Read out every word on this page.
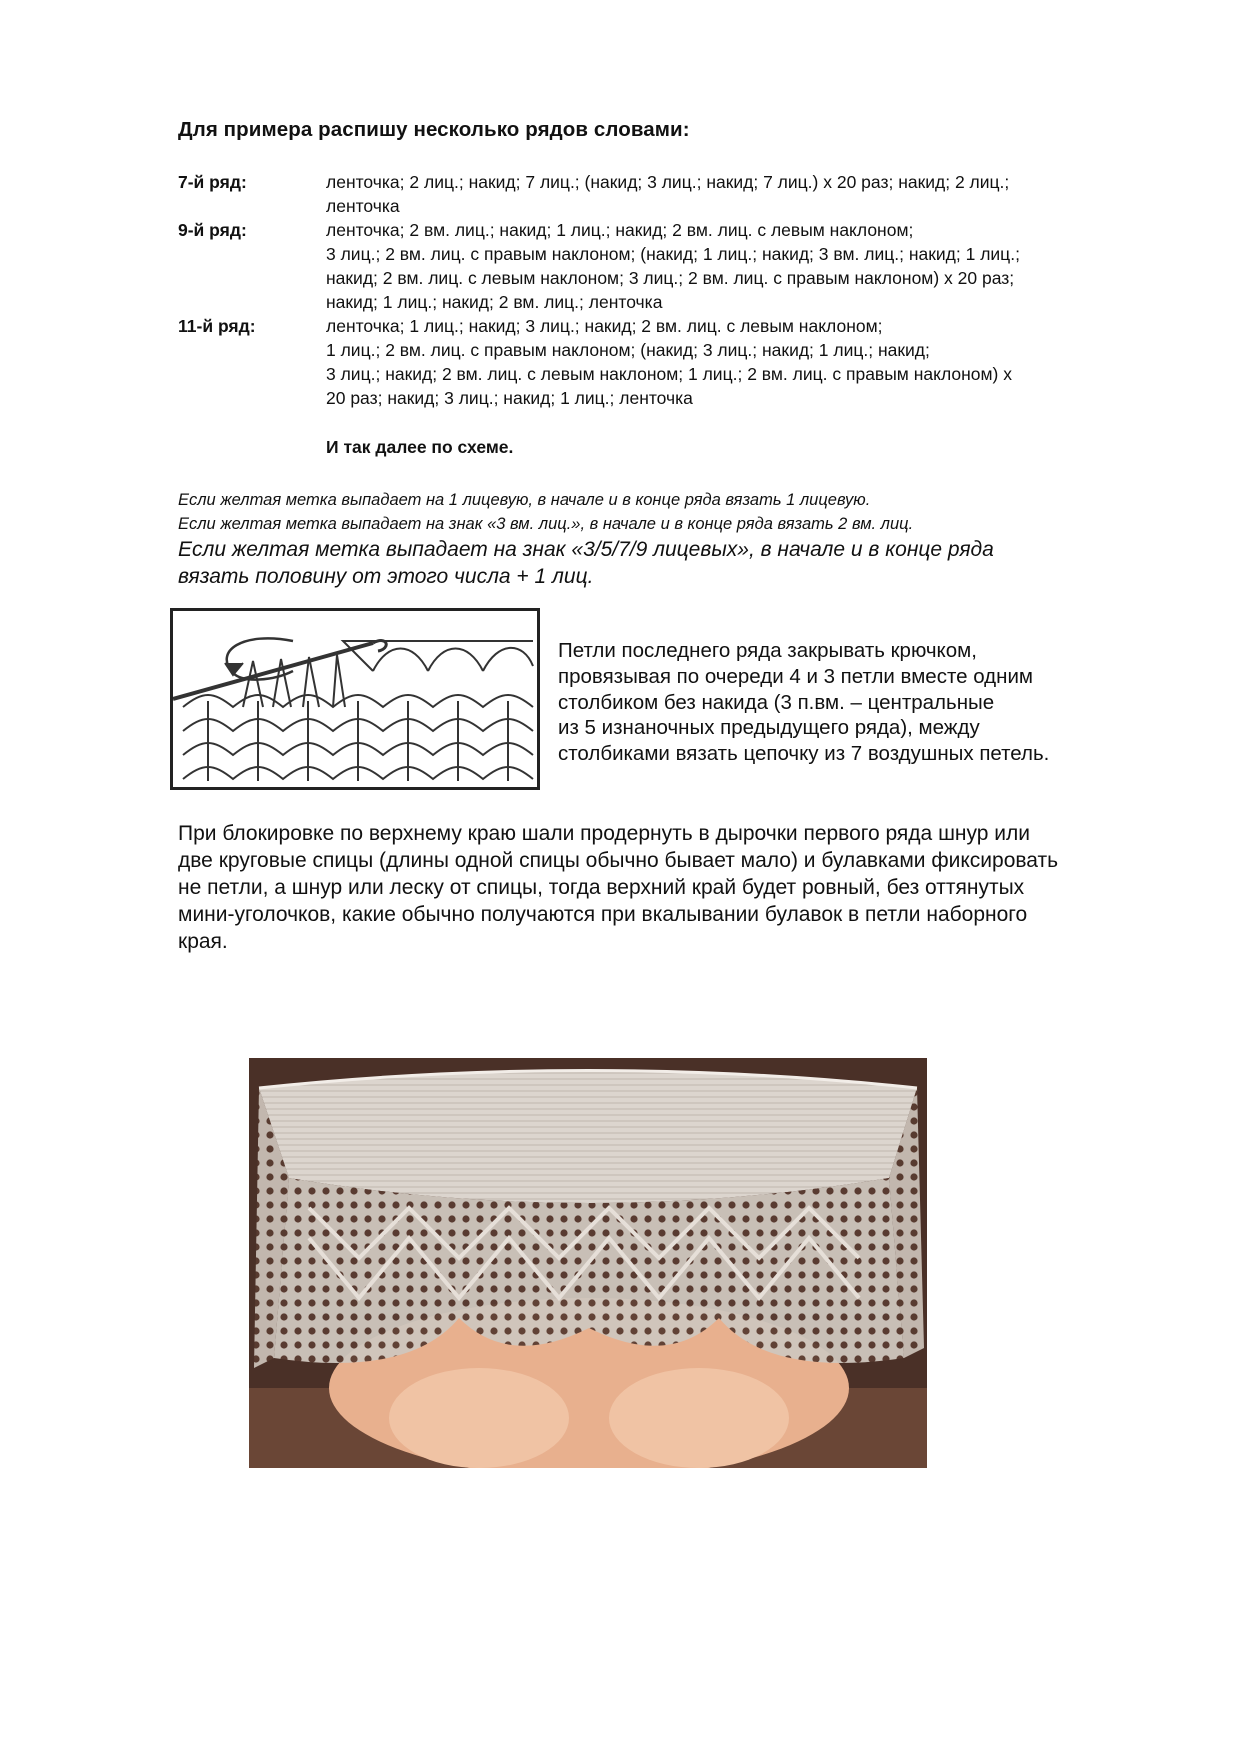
Для примера распишу несколько рядов словами:
7-й ряд:	ленточка; 2 лиц.; накид; 7 лиц.; (накид; 3 лиц.; накид; 7 лиц.) х 20 раз; накид; 2 лиц.;
ленточка
9-й ряд:	ленточка; 2 вм. лиц.; накид; 1 лиц.; накид; 2 вм. лиц. с левым наклоном;
3 лиц.; 2 вм. лиц. с правым наклоном; (накид; 1 лиц.; накид; 3 вм. лиц.; накид; 1 лиц.;
накид; 2 вм. лиц. с левым наклоном; 3 лиц.; 2 вм. лиц. с правым наклоном) х 20 раз;
накид; 1 лиц.; накид; 2 вм. лиц.; ленточка
11-й ряд:	ленточка; 1 лиц.; накид; 3 лиц.; накид; 2 вм. лиц. с левым наклоном;
1 лиц.; 2 вм. лиц. с правым наклоном; (накид; 3 лиц.; накид; 1 лиц.; накид;
3 лиц.; накид; 2 вм. лиц. с левым наклоном; 1 лиц.; 2 вм. лиц. с правым наклоном) х
20 раз; накид; 3 лиц.; накид; 1 лиц.; ленточка
И так далее по схеме.
Если желтая метка выпадает на 1 лицевую, в начале и в конце ряда вязать 1 лицевую.
Если желтая метка выпадает на знак «3 вм. лиц.», в начале и в конце ряда вязать 2 вм. лиц.
Если желтая метка выпадает на знак «3/5/7/9 лицевых», в начале и в конце ряда
вязать половину от этого числа + 1 лиц.
Петли последнего ряда закрывать крючком,
провязывая по очереди 4 и 3 петли вместе одним
столбиком без накида (3 п.вм. – центральные
из 5 изнаночных предыдущего ряда), между
столбиками вязать цепочку из 7 воздушных петель.
При блокировке по верхнему краю шали продернуть в дырочки первого ряда шнур или
две круговые спицы (длины одной спицы обычно бывает мало) и булавками фиксировать
не петли, а шнур или леску от спицы, тогда верхний край будет ровный, без оттянутых
мини-уголочков, какие обычно получаются при вкалывании булавок в петли наборного
края.
